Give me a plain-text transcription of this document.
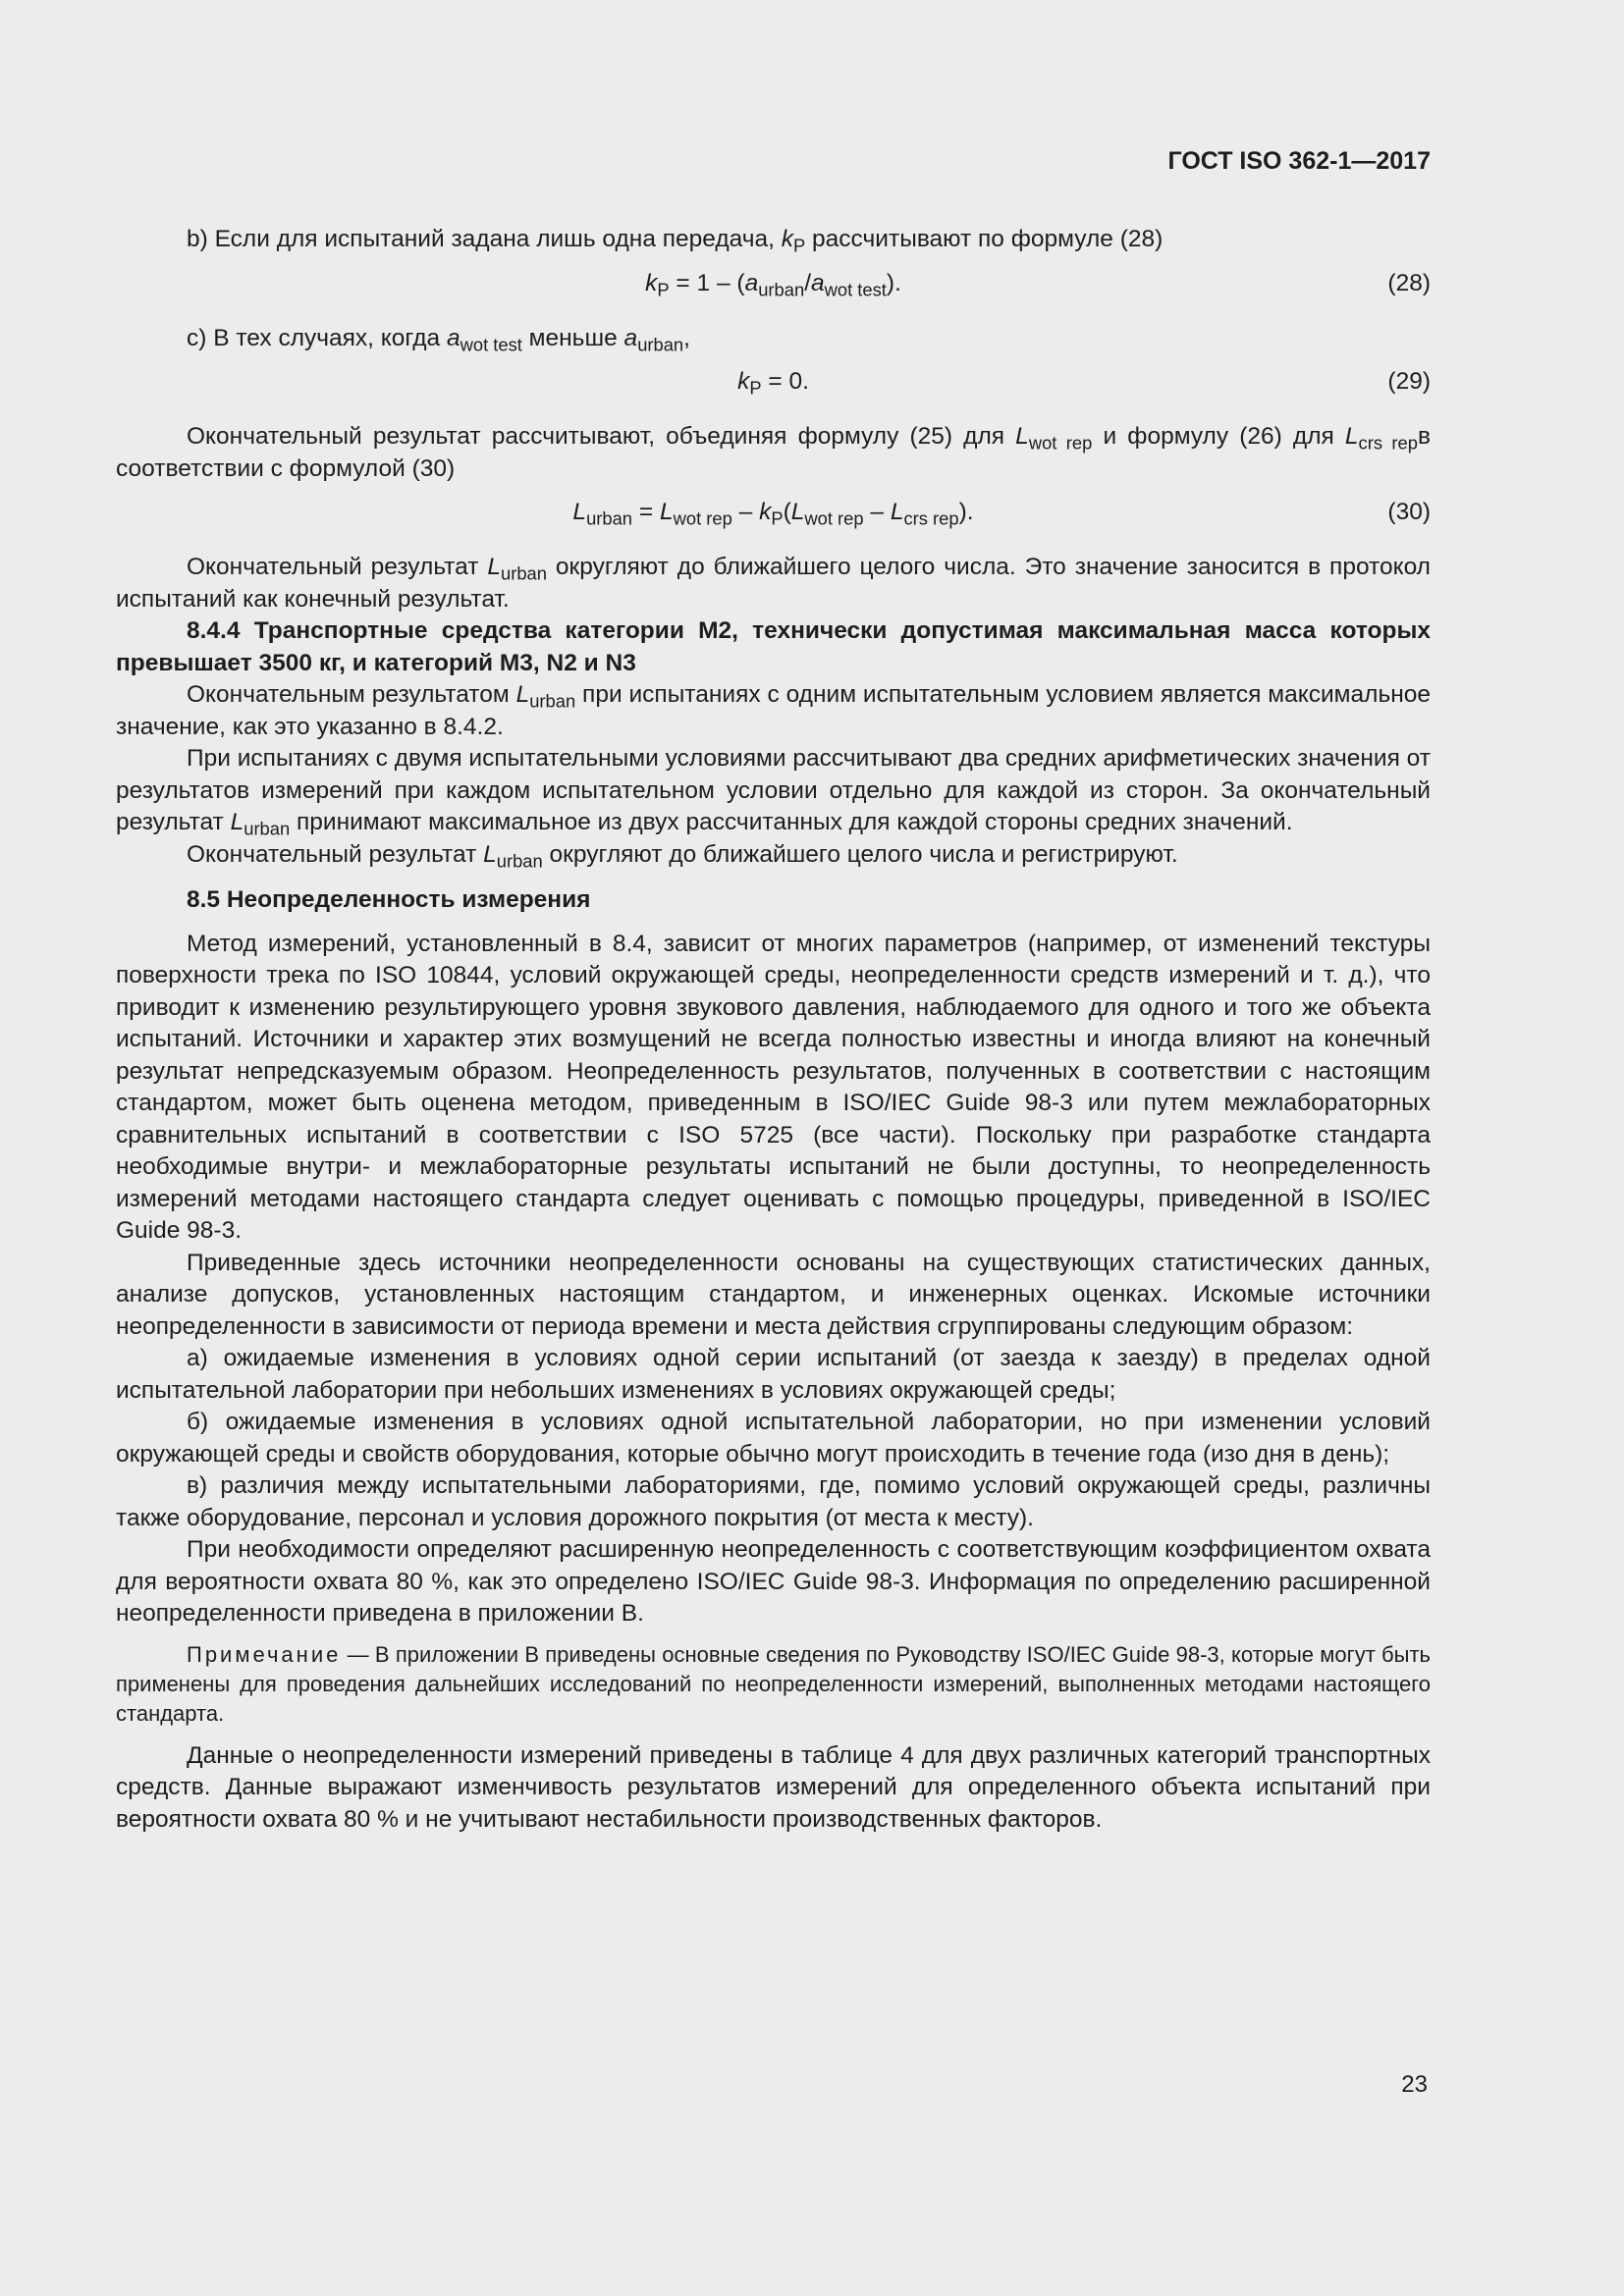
ГОСТ ISO 362-1—2017

b) Если для испытаний задана лишь одна передача, $k_P$ рассчитывают по формуле (28)

$k_P = 1 - (a_{urban}/a_{wot test})$.	(28)

c) В тех случаях, когда $a_{wot test}$ меньше $a_{urban}$,

$k_P = 0$.	(29)

Окончательный результат рассчитывают, объединяя формулу (25) для $L_{wot rep}$ и формулу (26) для $L_{crs rep}в$ соответствии с формулой (30)

$L_{urban} = L_{wot rep} - k_P(L_{wot rep} - L_{crs rep})$.	(30)

Окончательный результат $L_{urban}$ округляют до ближайшего целого числа. Это значение заносится в протокол испытаний как конечный результат.

8.4.4 Транспортные средства категории М2, технически допустимая максимальная масса которых превышает 3500 кг, и категорий М3, N2 и N3

Окончательным результатом $L_{urban}$ при испытаниях с одним испытательным условием является максимальное значение, как это указанно в 8.4.2.

При испытаниях с двумя испытательными условиями рассчитывают два средних арифметических значения от результатов измерений при каждом испытательном условии отдельно для каждой из сторон. За окончательный результат $L_{urban}$ принимают максимальное из двух рассчитанных для каждой стороны средних значений.

Окончательный результат $L_{urban}$ округляют до ближайшего целого числа и регистрируют.

8.5 Неопределенность измерения

Метод измерений, установленный в 8.4, зависит от многих параметров (например, от изменений текстуры поверхности трека по ISO 10844, условий окружающей среды, неопределенности средств измерений и т. д.), что приводит к изменению результирующего уровня звукового давления, наблюдаемого для одного и того же объекта испытаний. Источники и характер этих возмущений не всегда полностью известны и иногда влияют на конечный результат непредсказуемым образом. Неопределенность результатов, полученных в соответствии с настоящим стандартом, может быть оценена методом, приведенным в ISO/IEC Guide 98-3 или путем межлабораторных сравнительных испытаний в соответствии с ISO 5725 (все части). Поскольку при разработке стандарта необходимые внутри- и межлабораторные результаты испытаний не были доступны, то неопределенность измерений методами настоящего стандарта следует оценивать с помощью процедуры, приведенной в ISO/IEC Guide 98-3.

Приведенные здесь источники неопределенности основаны на существующих статистических данных, анализе допусков, установленных настоящим стандартом, и инженерных оценках. Искомые источники неопределенности в зависимости от периода времени и места действия сгруппированы следующим образом:

а) ожидаемые изменения в условиях одной серии испытаний (от заезда к заезду) в пределах одной испытательной лаборатории при небольших изменениях в условиях окружающей среды;

б) ожидаемые изменения в условиях одной испытательной лаборатории, но при изменении условий окружающей среды и свойств оборудования, которые обычно могут происходить в течение года (изо дня в день);

в) различия между испытательными лабораториями, где, помимо условий окружающей среды, различны также оборудование, персонал и условия дорожного покрытия (от места к месту).

При необходимости определяют расширенную неопределенность с соответствующим коэффициентом охвата для вероятности охвата 80 %, как это определено ISO/IEC Guide 98-3. Информация по определению расширенной неопределенности приведена в приложении В.

Примечание — В приложении В приведены основные сведения по Руководству ISO/IEC Guide 98-3, которые могут быть применены для проведения дальнейших исследований по неопределенности измерений, выполненных методами настоящего стандарта.

Данные о неопределенности измерений приведены в таблице 4 для двух различных категорий транспортных средств. Данные выражают изменчивость результатов измерений для определенного объекта испытаний при вероятности охвата 80 % и не учитывают нестабильности производственных факторов.

23
